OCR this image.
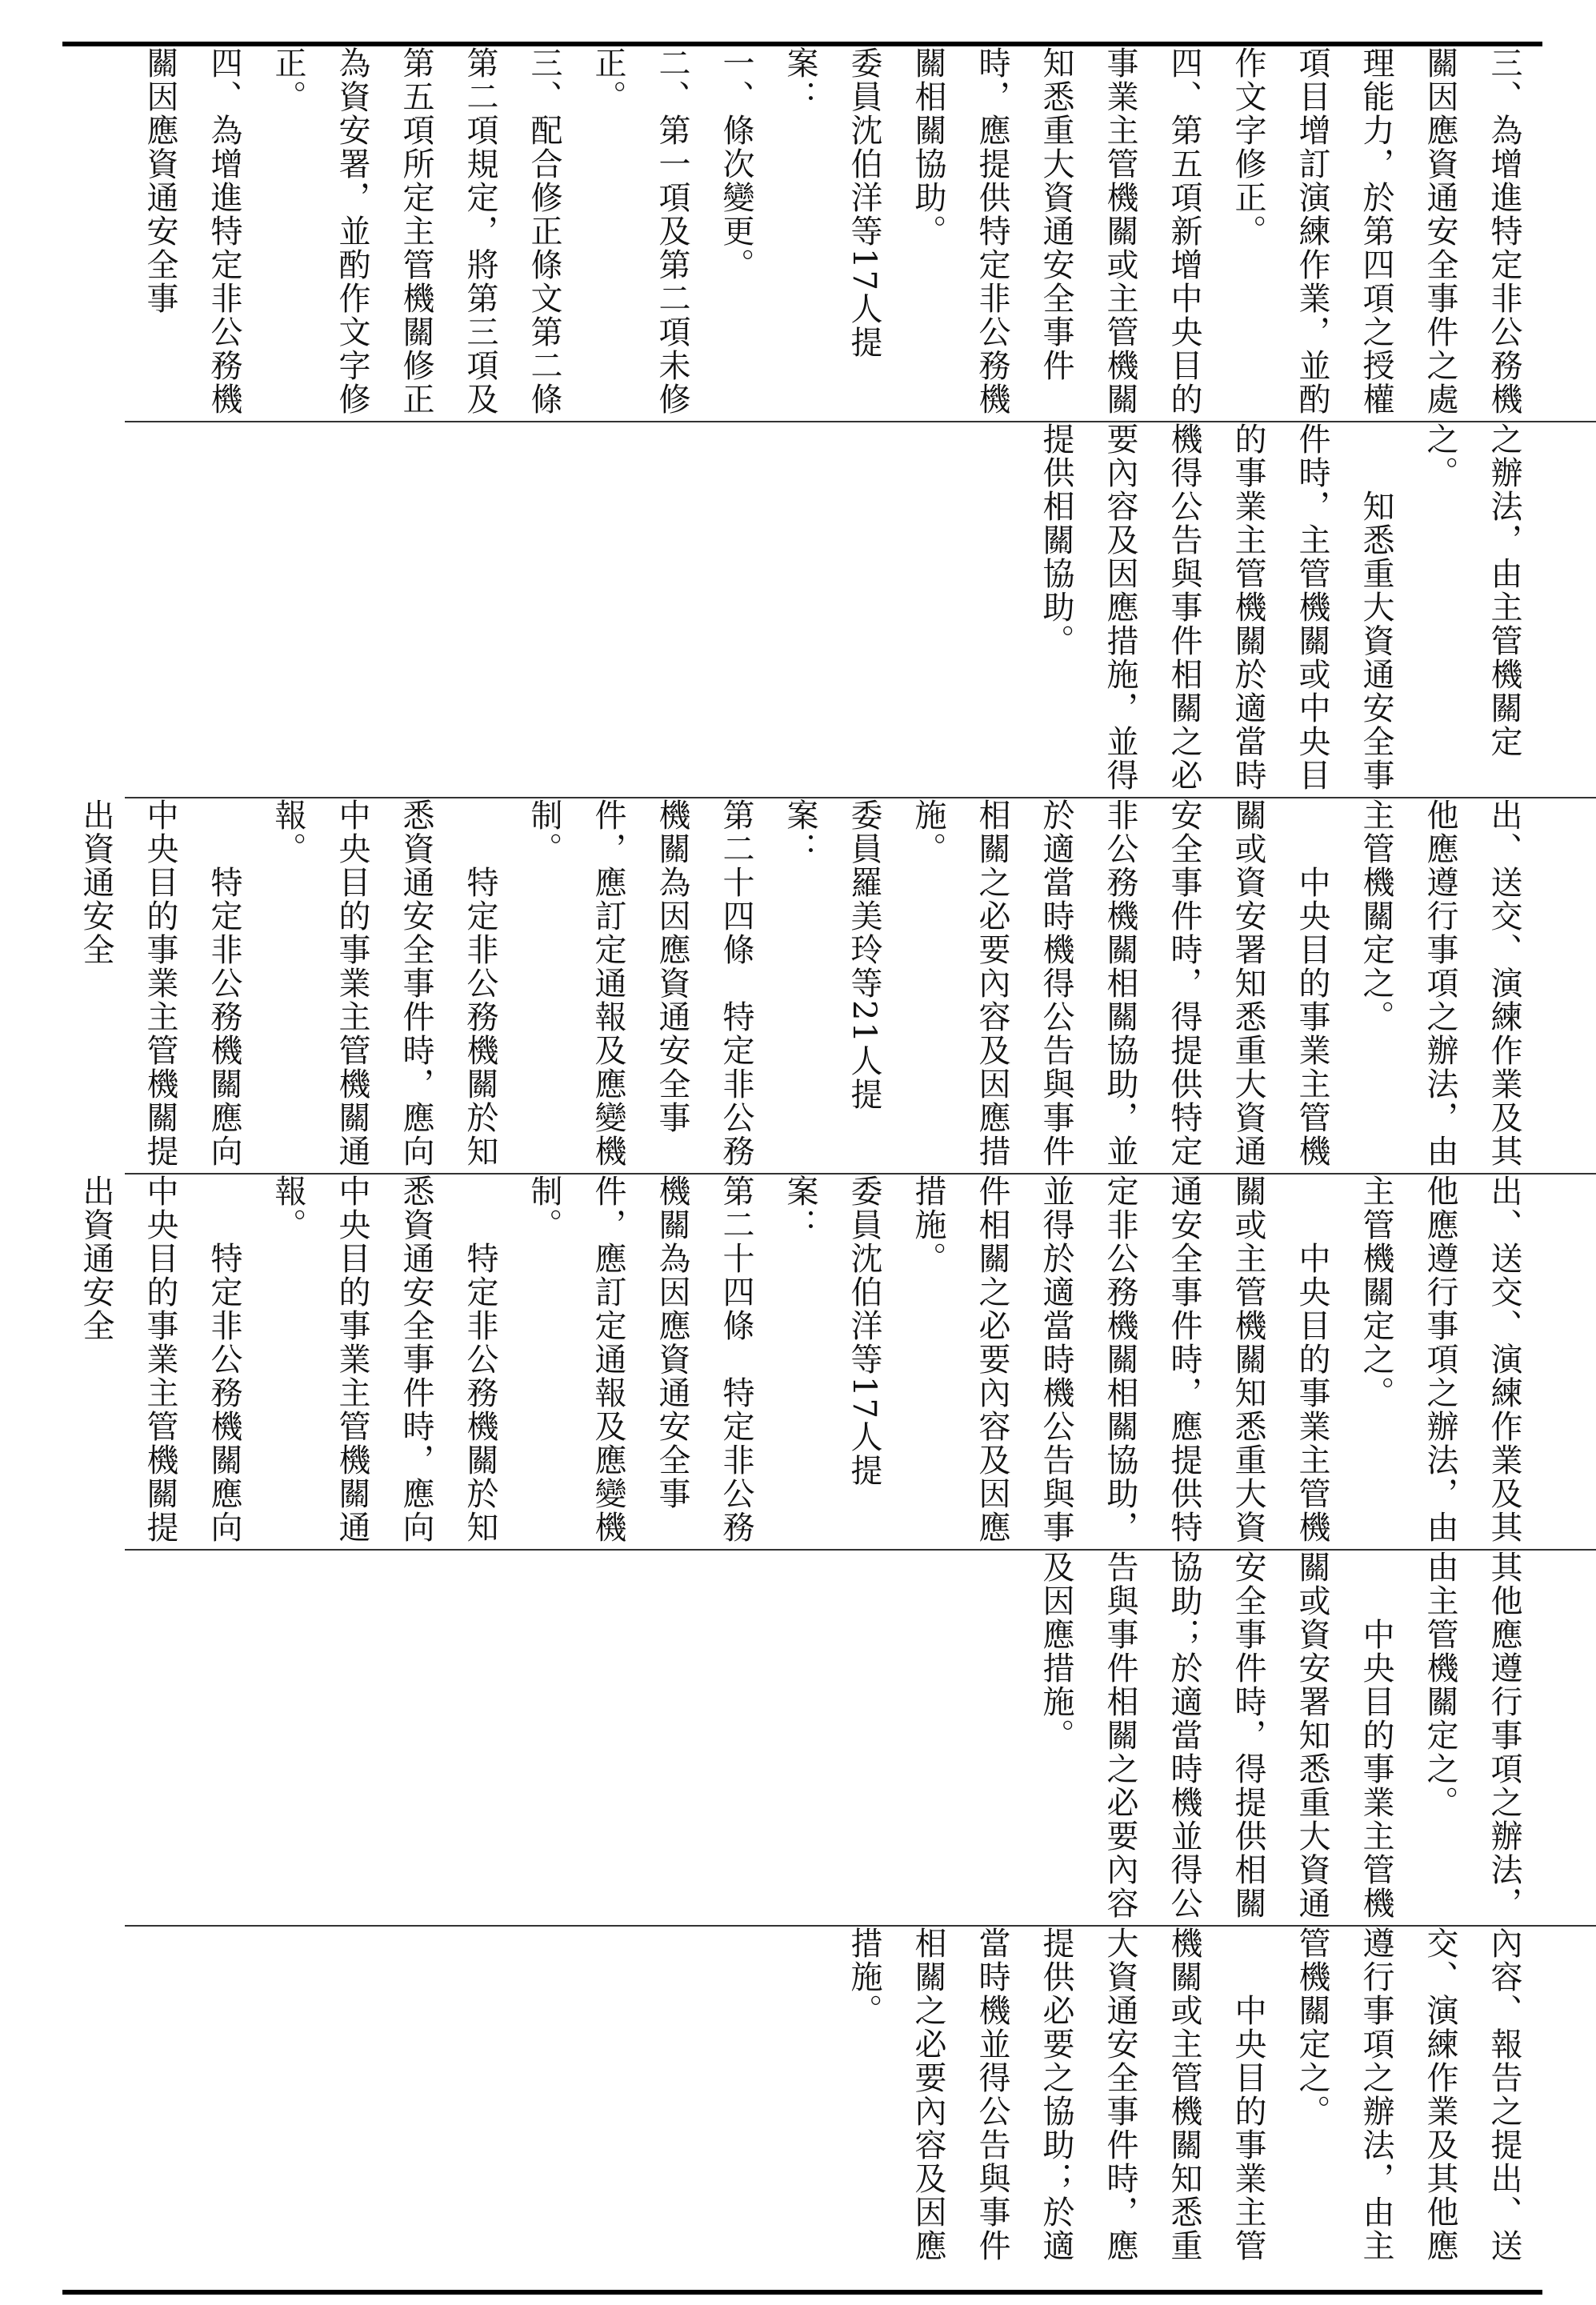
三、為增進特定非公務機關因應資通安全事件之處理能力，於第四項之授權項目增訂演練作業，並酌作文字修正。
四、第五項新增中央目的事業主管機關或主管機關知悉重大資通安全事件時，應提供特定非公務機關相關協助。
委員沈伯洋等17人提案：
一、條次變更。
二、第一項及第二項未修正。
三、配合修正條文第二條第二項規定，將第三項及第五項所定主管機關修正為資安署，並酌作文字修正。
四、為增進特定非公務機關因應資通安全事
之辦法，由主管機關定之。
　　知悉重大資通安全事件時，主管機關或中央目的事業主管機關於適當時機得公告與事件相關之必要內容及因應措施，並得提供相關協助。
出、送交、演練作業及其他應遵行事項之辦法，由主管機關定之。
　　中央目的事業主管機關或資安署知悉重大資通安全事件時，得提供特定非公務機關相關協助，並於適當時機得公告與事件相關之必要內容及因應措施。
委員羅美玲等21人提案：
第二十四條　特定非公務機關為因應資通安全事件，應訂定通報及應變機制。
　　特定非公務機關於知悉資通安全事件時，應向中央目的事業主管機關通報。
　　特定非公務機關應向中央目的事業主管機關提出資通安全
出、送交、演練作業及其他應遵行事項之辦法，由主管機關定之。
　　中央目的事業主管機關或主管機關知悉重大資通安全事件時，應提供特定非公務機關相關協助，並得於適當時機公告與事件相關之必要內容及因應措施。
委員沈伯洋等17人提案：
第二十四條　特定非公務機關為因應資通安全事件，應訂定通報及應變機制。
　　特定非公務機關於知悉資通安全事件時，應向中央目的事業主管機關通報。
　　特定非公務機關應向中央目的事業主管機關提出資通安全
其他應遵行事項之辦法，由主管機關定之。
　　中央目的事業主管機關或資安署知悉重大資通安全事件時，得提供相關協助；於適當時機並得公告與事件相關之必要內容及因應措施。
內容、報告之提出、送交、演練作業及其他應遵行事項之辦法，由主管機關定之。
　　中央目的事業主管機關或主管機關知悉重大資通安全事件時，應提供必要之協助；於適當時機並得公告與事件相關之必要內容及因應措施。
